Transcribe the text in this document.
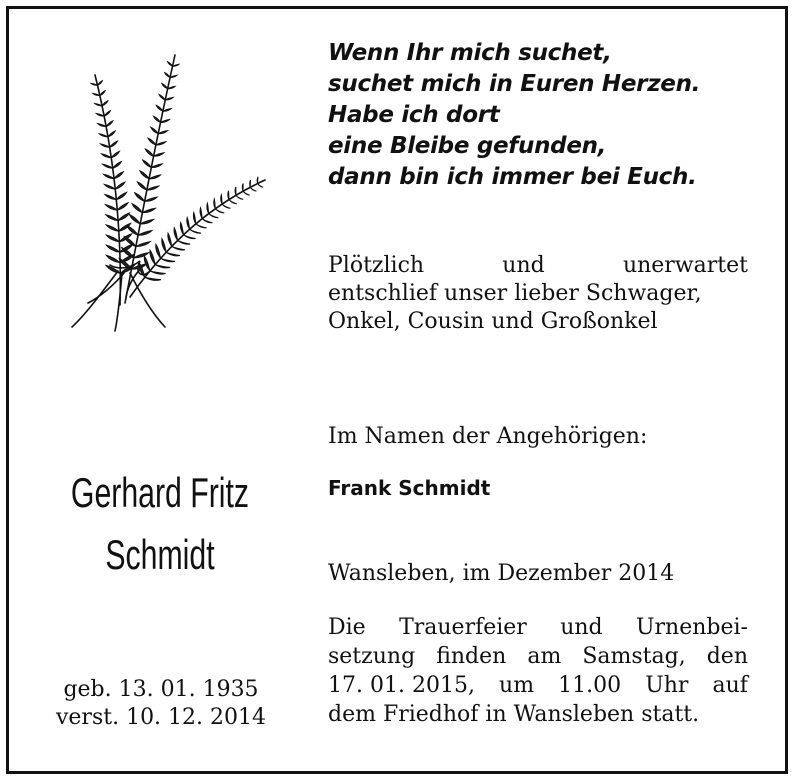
Wenn Ihr mich suchet,
suchet mich in Euren Herzen.
Habe ich dort
eine Bleibe gefunden,
dann bin ich immer bei Euch.
Plötzlich	und	unerwartet
entschlief unser lieber Schwager,
Onkel, Cousin und Großonkel
Im Namen der Angehörigen:
Frank Schmidt
Gerhard Fritz
Schmidt	Wansleben, im Dezember 2014
Die Trauerfeier und Urnenbei-
setzung finden am Samstag, den
17. 01. 2015, um 11.00 Uhr auf
dem Friedhof in Wansleben statt.
geb. 13. 01. 1935
verst. 10. 12. 2014
